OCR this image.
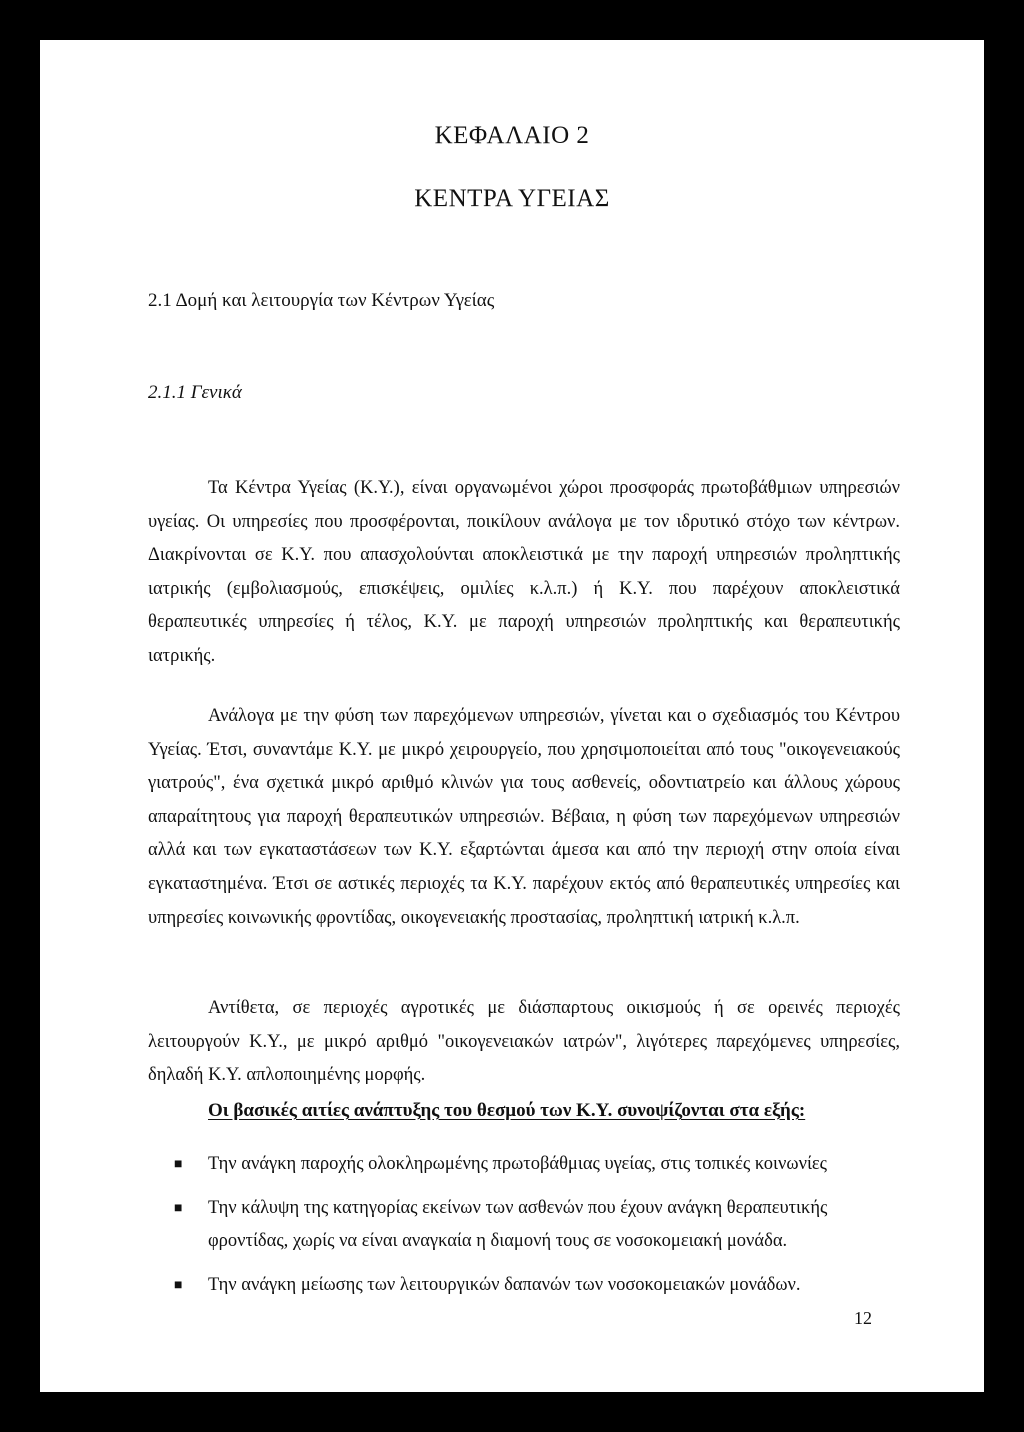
ΚΕΦΑΛΑΙΟ 2
ΚΕΝΤΡΑ ΥΓΕΙΑΣ
2.1 Δομή και λειτουργία των Κέντρων Υγείας
2.1.1 Γενικά

Τα Κέντρα Υγείας (Κ.Υ.), είναι οργανωμένοι χώροι προσφοράς πρωτοβάθμιων υπηρεσιών υγείας. Οι υπηρεσίες που προσφέρονται, ποικίλουν ανάλογα με τον ιδρυτικό στόχο των κέντρων. Διακρίνονται σε Κ.Υ. που απασχολούνται αποκλειστικά με την παροχή υπηρεσιών προληπτικής ιατρικής (εμβολιασμούς, επισκέψεις, ομιλίες κ.λ.π.) ή Κ.Υ. που παρέχουν αποκλειστικά θεραπευτικές υπηρεσίες ή τέλος, Κ.Υ. με παροχή υπηρεσιών προληπτικής και θεραπευτικής ιατρικής.

Ανάλογα με την φύση των παρεχόμενων υπηρεσιών, γίνεται και ο σχεδιασμός του Κέντρου Υγείας. Έτσι, συναντάμε Κ.Υ. με μικρό χειρουργείο, που χρησιμοποιείται από τους "οικογενειακούς γιατρούς", ένα σχετικά μικρό αριθμό κλινών για τους ασθενείς, οδοντιατρείο και άλλους χώρους απαραίτητους για παροχή θεραπευτικών υπηρεσιών. Βέβαια, η φύση των παρεχόμενων υπηρεσιών αλλά και των εγκαταστάσεων των Κ.Υ. εξαρτώνται άμεσα και από την περιοχή στην οποία είναι εγκαταστημένα. Έτσι σε αστικές περιοχές τα Κ.Υ. παρέχουν εκτός από θεραπευτικές υπηρεσίες και υπηρεσίες κοινωνικής φροντίδας, οικογενειακής προστασίας, προληπτική ιατρική κ.λ.π.

Αντίθετα, σε περιοχές αγροτικές με διάσπαρτους οικισμούς ή σε ορεινές περιοχές λειτουργούν Κ.Υ., με μικρό αριθμό "οικογενειακών ιατρών", λιγότερες παρεχόμενες υπηρεσίες, δηλαδή Κ.Υ. απλοποιημένης μορφής.

Οι βασικές αιτίες ανάπτυξης του θεσμού των Κ.Υ. συνοψίζονται στα εξής:

■ Την ανάγκη παροχής ολοκληρωμένης πρωτοβάθμιας υγείας, στις τοπικές κοινωνίες
■ Την κάλυψη της κατηγορίας εκείνων των ασθενών που έχουν ανάγκη θεραπευτικής φροντίδας, χωρίς να είναι αναγκαία η διαμονή τους σε νοσοκομειακή μονάδα.
■ Την ανάγκη μείωσης των λειτουργικών δαπανών των νοσοκομειακών μονάδων.
12
